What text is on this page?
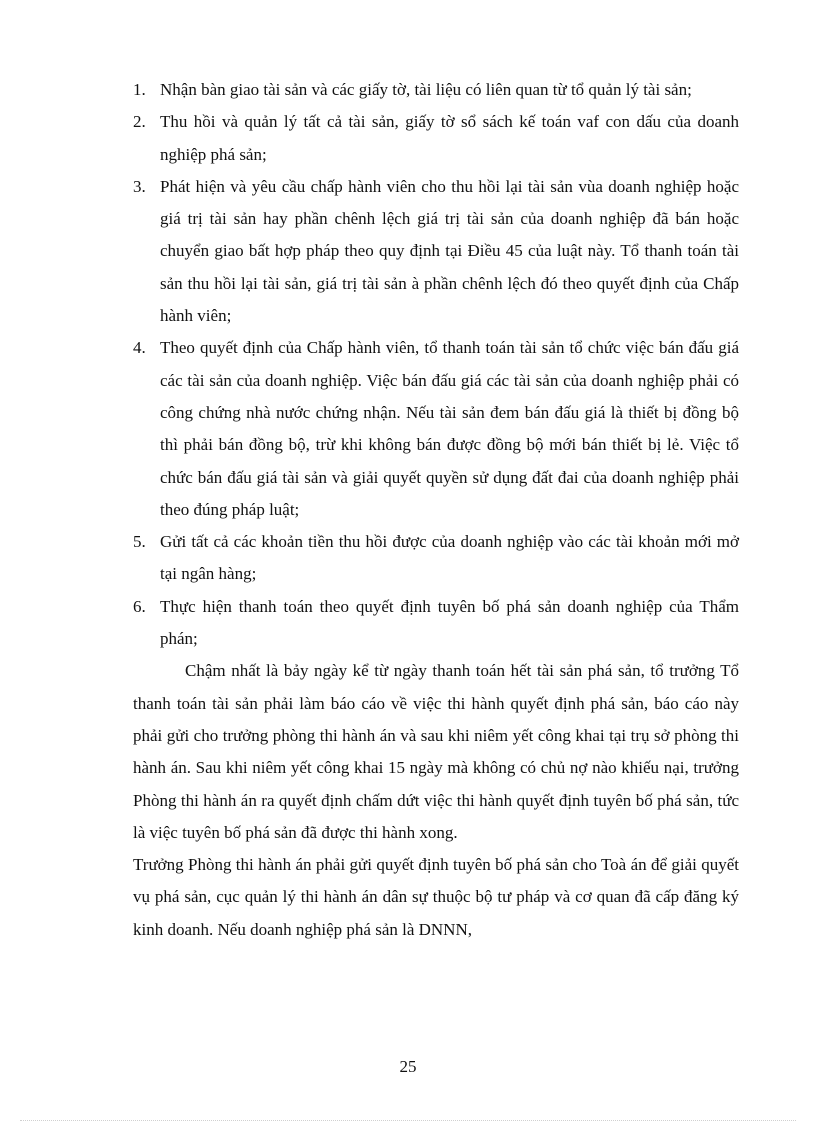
1. Nhận bàn giao tài sản và các giấy tờ, tài liệu có liên quan từ tổ quản lý tài sản;
2. Thu hồi và quản lý tất cả tài sản, giấy tờ sổ sách kế toán vaf con dấu của doanh nghiệp phá sản;
3. Phát hiện và yêu cầu chấp hành viên cho thu hồi lại tài sản vùa doanh nghiệp hoặc giá trị tài sản hay phần chênh lệch giá trị tài sản của doanh nghiệp đã bán hoặc chuyển giao bất hợp pháp theo quy định tại Điều 45 của luật này. Tổ thanh toán tài sản thu hồi lại tài sản, giá trị tài sản à phần chênh lệch đó theo quyết định của Chấp hành viên;
4. Theo quyết định của Chấp hành viên, tổ thanh toán tài sản tổ chức việc bán đấu giá các tài sản của doanh nghiệp. Việc bán đấu giá các tài sản của doanh nghiệp phải có công chứng nhà nước chứng nhận. Nếu tài sản đem bán đấu giá là thiết bị đồng bộ thì phải bán đồng bộ, trừ khi không bán được đồng bộ mới bán thiết bị lẻ. Việc tổ chức bán đấu giá tài sản và giải quyết quyền sử dụng đất đai của doanh nghiệp phải theo đúng pháp luật;
5. Gửi tất cả các khoản tiền thu hồi được của doanh nghiệp vào các tài khoản mới mở tại ngân hàng;
6. Thực hiện thanh toán theo quyết định tuyên bố phá sản doanh nghiệp của Thẩm phán;

Chậm nhất là bảy ngày kể từ ngày thanh toán hết tài sản phá sản, tổ trưởng Tổ thanh toán tài sản phải làm báo cáo về việc thi hành quyết định phá sản, báo cáo này phải gửi cho trưởng phòng thi hành án và sau khi niêm yết công khai tại trụ sở phòng thi hành án. Sau khi niêm yết công khai 15 ngày mà không có chủ nợ nào khiếu nại, trưởng Phòng thi hành án ra quyết định chấm dứt việc thi hành quyết định tuyên bố phá sản, tức là việc tuyên bố phá sản đã được thi hành xong.

Trưởng Phòng thi hành án phải gửi quyết định tuyên bố phá sản cho Toà án để giải quyết vụ phá sản, cục quản lý thi hành án dân sự thuộc bộ tư pháp và cơ quan đã cấp đăng ký kinh doanh. Nếu doanh nghiệp phá sản là DNNN,

25
